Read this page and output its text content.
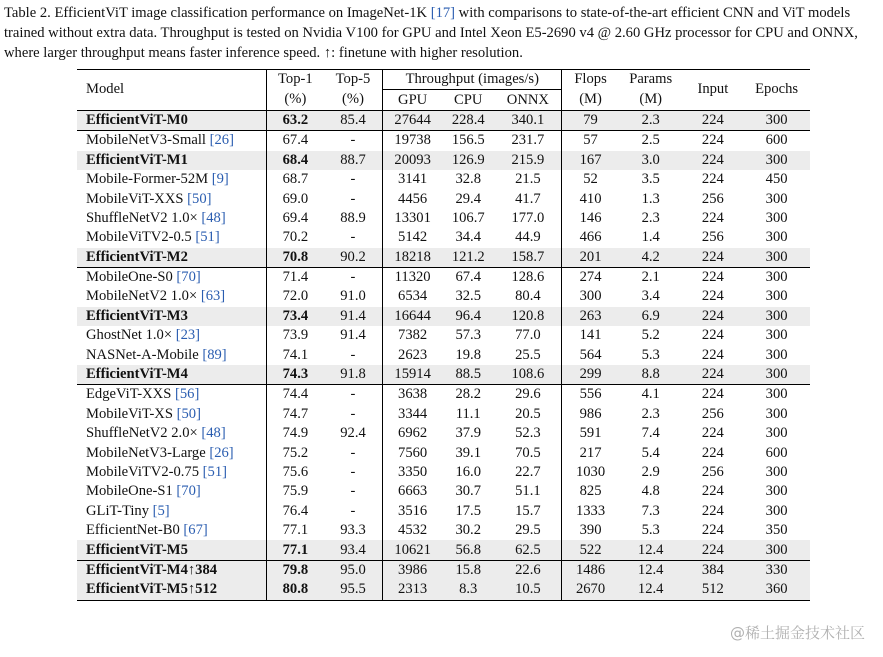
Table 2. EfficientViT image classification performance on ImageNet-1K [17] with comparisons to state-of-the-art efficient CNN and ViT models trained without extra data. Throughput is tested on Nvidia V100 for GPU and Intel Xeon E5-2690 v4 @ 2.60 GHz processor for CPU and ONNX, where larger throughput means faster inference speed. ↑: finetune with higher resolution.
Model	Top-1	Top-5	Throughput (images/s)			Flops	Params	Input	Epochs
	(%)	(%)	GPU	CPU	ONNX	(M)	(M)		
EfficientViT-M0	63.2	85.4	27644	228.4	340.1	79	2.3	224	300
MobileNetV3-Small [26]	67.4	-	19738	156.5	231.7	57	2.5	224	600
EfficientViT-M1	68.4	88.7	20093	126.9	215.9	167	3.0	224	300
Mobile-Former-52M [9]	68.7	-	3141	32.8	21.5	52	3.5	224	450
MobileViT-XXS [50]	69.0	-	4456	29.4	41.7	410	1.3	256	300
ShuffleNetV2 1.0× [48]	69.4	88.9	13301	106.7	177.0	146	2.3	224	300
MobileViTV2-0.5 [51]	70.2	-	5142	34.4	44.9	466	1.4	256	300
EfficientViT-M2	70.8	90.2	18218	121.2	158.7	201	4.2	224	300
MobileOne-S0 [70]	71.4	-	11320	67.4	128.6	274	2.1	224	300
MobileNetV2 1.0× [63]	72.0	91.0	6534	32.5	80.4	300	3.4	224	300
EfficientViT-M3	73.4	91.4	16644	96.4	120.8	263	6.9	224	300
GhostNet 1.0× [23]	73.9	91.4	7382	57.3	77.0	141	5.2	224	300
NASNet-A-Mobile [89]	74.1	-	2623	19.8	25.5	564	5.3	224	300
EfficientViT-M4	74.3	91.8	15914	88.5	108.6	299	8.8	224	300
EdgeViT-XXS [56]	74.4	-	3638	28.2	29.6	556	4.1	224	300
MobileViT-XS [50]	74.7	-	3344	11.1	20.5	986	2.3	256	300
ShuffleNetV2 2.0× [48]	74.9	92.4	6962	37.9	52.3	591	7.4	224	300
MobileNetV3-Large [26]	75.2	-	7560	39.1	70.5	217	5.4	224	600
MobileViTV2-0.75 [51]	75.6	-	3350	16.0	22.7	1030	2.9	256	300
MobileOne-S1 [70]	75.9	-	6663	30.7	51.1	825	4.8	224	300
GLiT-Tiny [5]	76.4	-	3516	17.5	15.7	1333	7.3	224	300
EfficientNet-B0 [67]	77.1	93.3	4532	30.2	29.5	390	5.3	224	350
EfficientViT-M5	77.1	93.4	10621	56.8	62.5	522	12.4	224	300
EfficientViT-M4↑384	79.8	95.0	3986	15.8	22.6	1486	12.4	384	330
EfficientViT-M5↑512	80.8	95.5	2313	8.3	10.5	2670	12.4	512	360
@稀土掘金技术社区
